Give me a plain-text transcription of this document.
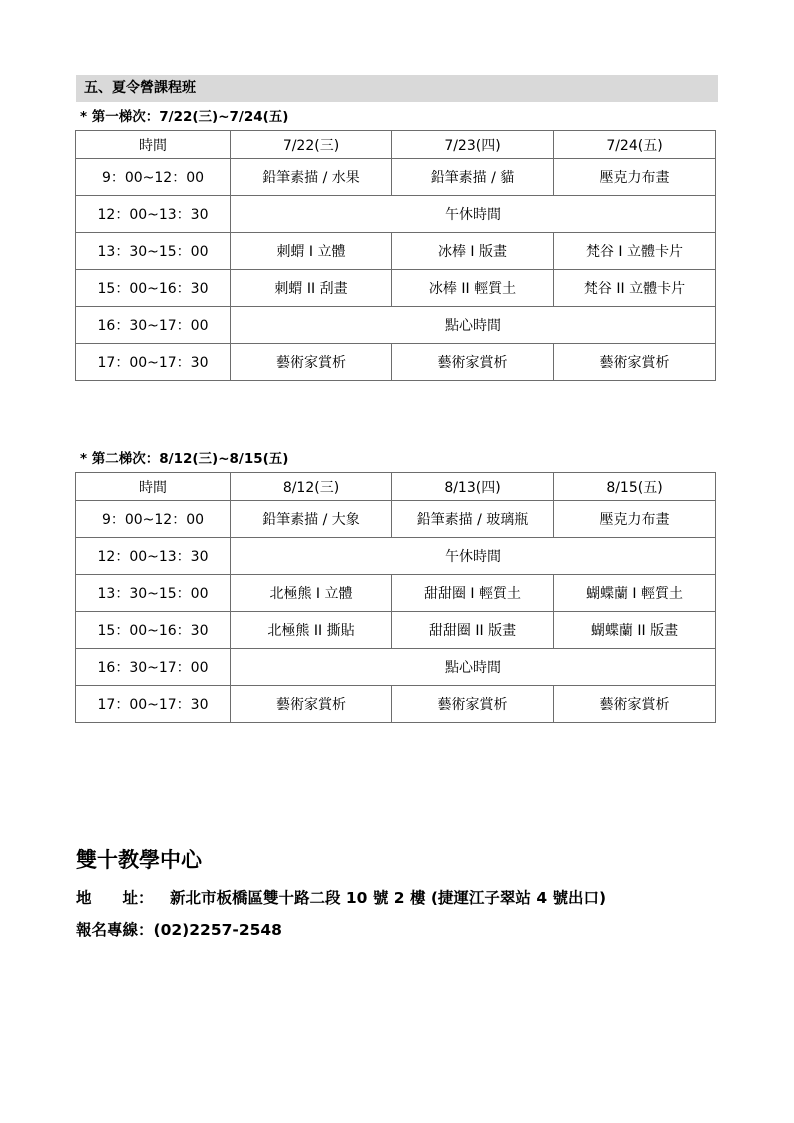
五、夏令營課程班
* 第一梯次：7/22(三)~7/24(五)
時間	7/22(三)	7/23(四)	7/24(五)
9：00~12：00	鉛筆素描 / 水果	鉛筆素描 / 貓	壓克力布畫
12：00~13：30	午休時間		
13：30~15：00	刺蝟 I 立體	冰棒 I 版畫	梵谷 I 立體卡片
15：00~16：30	刺蝟 II 刮畫	冰棒 II 輕質土	梵谷 II 立體卡片
16：30~17：00	點心時間		
17：00~17：30	藝術家賞析	藝術家賞析	藝術家賞析
* 第二梯次：8/12(三)~8/15(五)
時間	8/12(三)	8/13(四)	8/15(五)
9：00~12：00	鉛筆素描 / 大象	鉛筆素描 / 玻璃瓶	壓克力布畫
12：00~13：30	午休時間		
13：30~15：00	北極熊 I 立體	甜甜圈 I 輕質土	蝴蝶蘭 I 輕質土
15：00~16：30	北極熊 II 撕貼	甜甜圈 II 版畫	蝴蝶蘭 II 版畫
16：30~17：00	點心時間		
17：00~17：30	藝術家賞析	藝術家賞析	藝術家賞析
雙十教學中心
地　　址： 新北市板橋區雙十路二段 10 號 2 樓 (捷運江子翠站 4 號出口)
報名專線：(02)2257-2548
